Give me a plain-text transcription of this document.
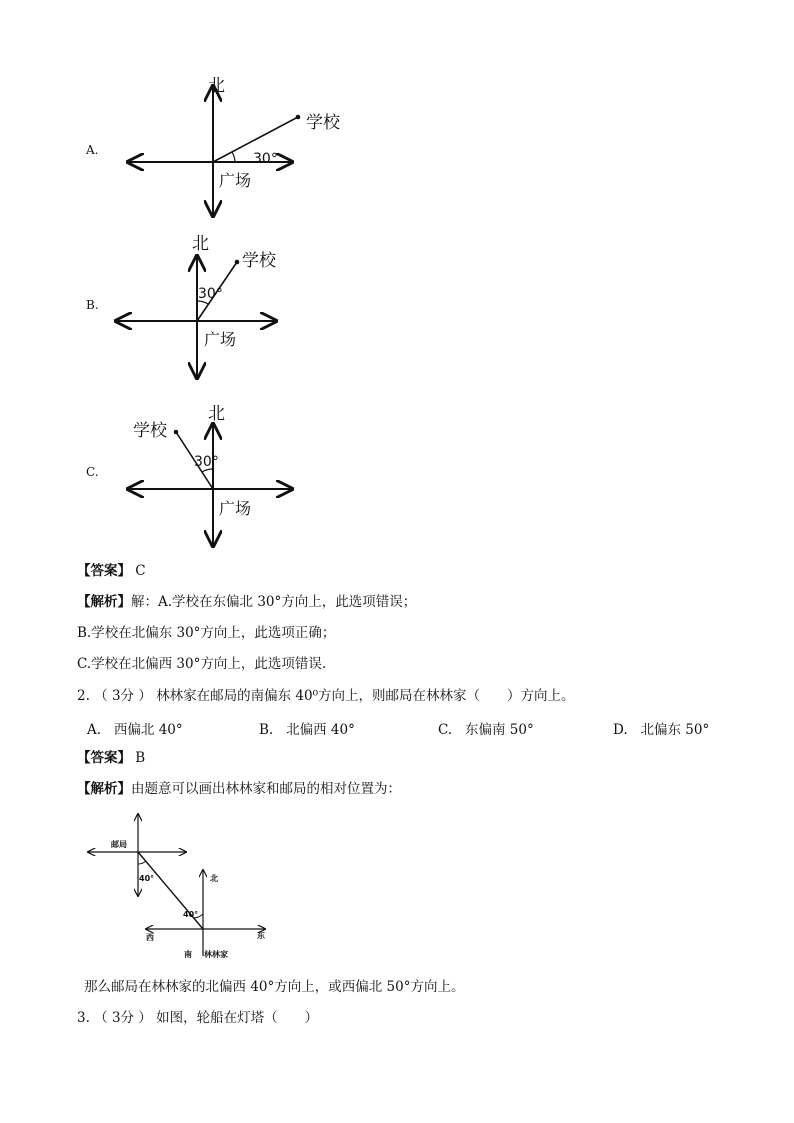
A.
北
学校
广场
30°
B.
北
学校
广场
30°
C.
北
学校
广场
30°
【答案】 C
【解析】解：A.学校在东偏北 30°方向上，此选项错误；
B.学校在北偏东 30°方向上，此选项正确；
C.学校在北偏西 30°方向上，此选项错误.
2. （ 3分 ） 林林家在邮局的南偏东 40⁰方向上，则邮局在林林家（　　）方向上。
A. 西偏北 40°	B. 北偏西 40°	C. 东偏南 50°	D. 北偏东 50°
【答案】 B
【解析】由题意可以画出林林家和邮局的相对位置为：
邮局
40°
40°
北
西	东
南 林林家
那么邮局在林林家的北偏西 40°方向上，或西偏北 50°方向上。
3. （ 3分 ） 如图，轮船在灯塔（　　）
